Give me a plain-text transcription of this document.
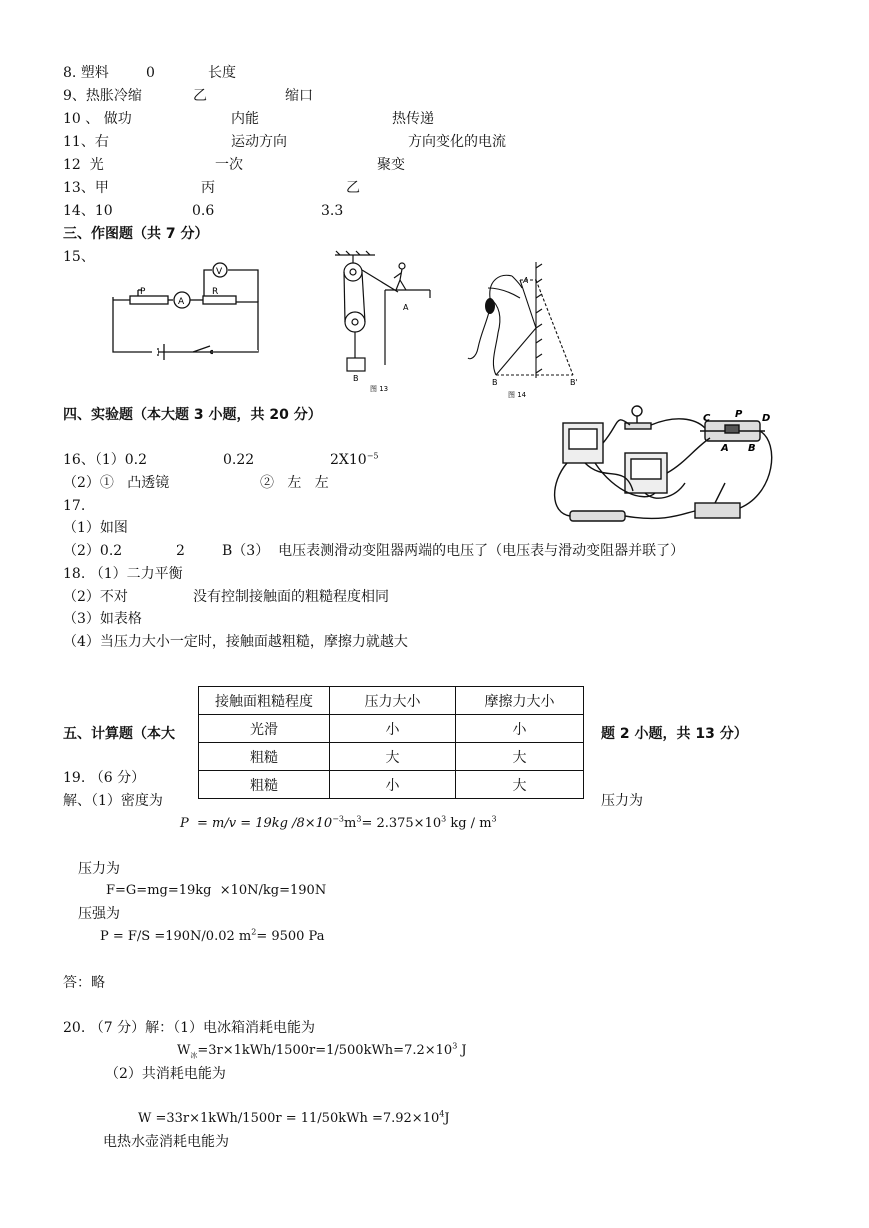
8. 塑料	0	长度
9、热胀冷缩	乙	缩口
10 、 做功	内能	热传递
11、右	运动方向	方向变化的电流
12  光	一次	聚变
13、甲	丙	乙
14、10	0.6	3.3
三、作图题（共 7 分）
15、
P
A
R
V
A
B
图 13
A
B	B'
图 14
四、实验题（本大题 3 小题，共 20 分）	C P D
A B
16、（1）0.2	0.22	$2X10^{-5}$
（2）①   凸透镜	②   左   左
17.
（1）如图
（2）0.2	2	B（3）  电压表测滑动变阻器两端的电压了（电压表与滑动变阻器并联了）
18. （1）二力平衡
（2）不对	没有控制接触面的粗糙程度相同
（3）如表格
（4）当压力大小一定时，接触面越粗糙，摩擦力就越大
接触面粗糙程度	压力大小	摩擦力大小
光滑	小	小
粗糙	大	大
粗糙	小	大
五、计算题（本大	题 2 小题，共 13 分）
19. （6 分）
解、（1）密度为	压力为
P  = m/v = 19kg $/8\times 10^{-3}m^3= 2.375\times 10^3$ kg / $m^3$
压力为
F=G=mg=19kg  ×10N/kg=190N
压强为
P = F/S =190N/0.02 $m^2= 9500$ Pa
答：略
20. （7 分）解：（1）电冰箱消耗电能为
$W_冰=3r\times 1kWh/1500r=1/500kWh=7.2\times 10^3$ J
（2）共消耗电能为
$W =33r\times 1kWh/1500r = 11/50kWh =7.92\times 10^4J$
电热水壶消耗电能为
